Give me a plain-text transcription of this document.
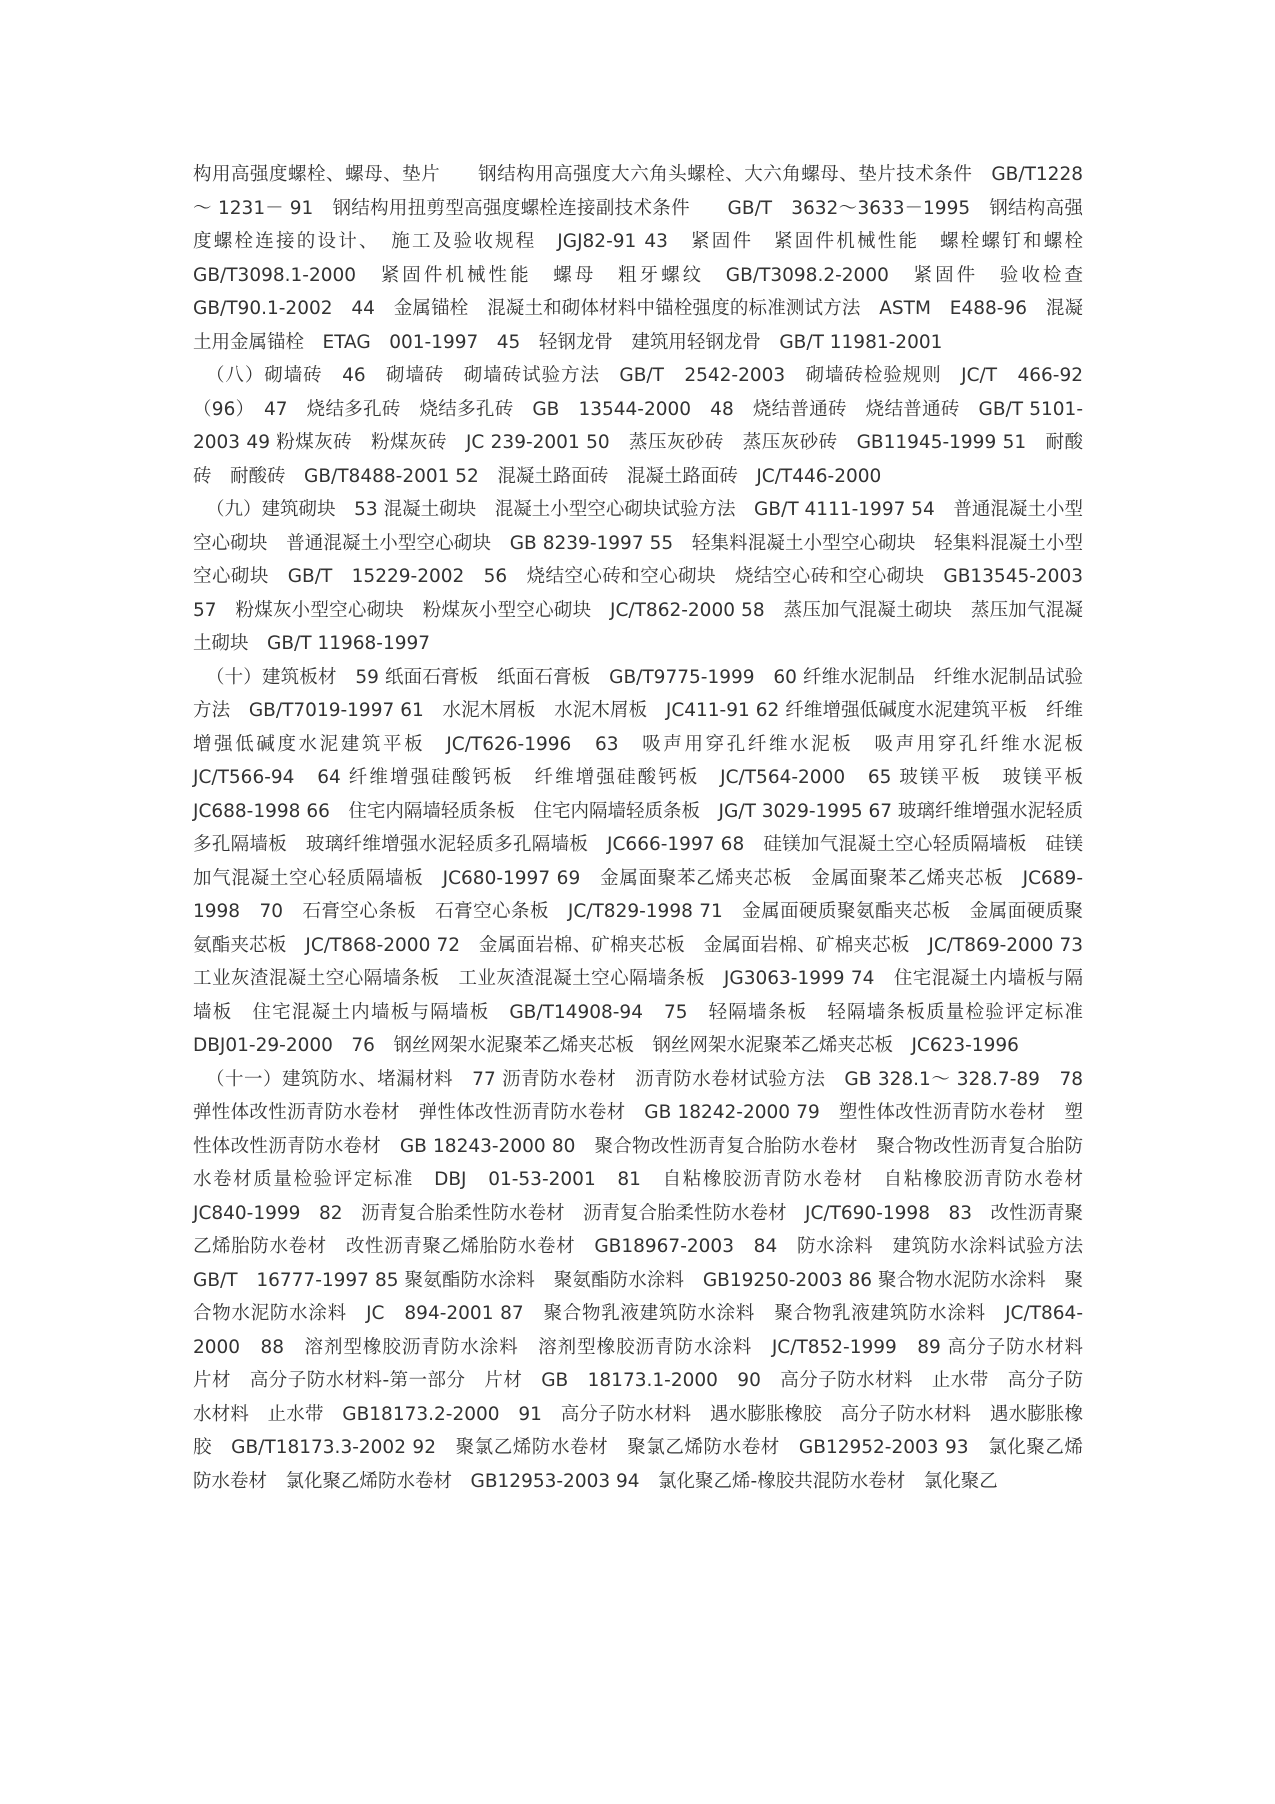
构用高强度螺栓、螺母、垫片　　钢结构用高强度大六角头螺栓、大六角螺母、垫片技术条件　GB/T1228 ～ 1231－ 91　钢结构用扭剪型高强度螺栓连接副技术条件　　GB/T　3632～3633－1995　钢结构高强度螺栓连接的设计、　施工及验收规程　JGJ82-91 43　紧固件　紧固件机械性能　螺栓螺钉和螺栓　GB/T3098.1-2000　紧固件机械性能　螺母　粗牙螺纹　GB/T3098.2-2000　紧固件　验收检查　GB/T90.1-2002　44　金属锚栓　混凝土和砌体材料中锚栓强度的标准测试方法　ASTM　E488-96　混凝土用金属锚栓　ETAG　001-1997　45　轻钢龙骨　建筑用轻钢龙骨　GB/T 11981-2001

（八）砌墙砖　46　砌墙砖　砌墙砖试验方法　GB/T　2542-2003　砌墙砖检验规则　JC/T　466-92（96）　47　烧结多孔砖　烧结多孔砖　GB　13544-2000　48　烧结普通砖　烧结普通砖　GB/T 5101-2003 49 粉煤灰砖　粉煤灰砖　JC 239-2001 50　蒸压灰砂砖　蒸压灰砂砖　GB11945-1999 51　耐酸砖　耐酸砖　GB/T8488-2001 52　混凝土路面砖　混凝土路面砖　JC/T446-2000

（九）建筑砌块　53 混凝土砌块　混凝土小型空心砌块试验方法　GB/T 4111-1997 54　普通混凝土小型空心砌块　普通混凝土小型空心砌块　GB 8239-1997 55　轻集料混凝土小型空心砌块　轻集料混凝土小型空心砌块　GB/T　15229-2002　56　烧结空心砖和空心砌块　烧结空心砖和空心砌块　GB13545-2003 57　粉煤灰小型空心砌块　粉煤灰小型空心砌块　JC/T862-2000 58　蒸压加气混凝土砌块　蒸压加气混凝土砌块　GB/T 11968-1997

（十）建筑板材　59 纸面石膏板　纸面石膏板　GB/T9775-1999　60 纤维水泥制品　纤维水泥制品试验方法　GB/T7019-1997 61　水泥木屑板　水泥木屑板　JC411-91 62 纤维增强低碱度水泥建筑平板　纤维增强低碱度水泥建筑平板　JC/T626-1996　63　吸声用穿孔纤维水泥板　吸声用穿孔纤维水泥板　JC/T566-94　64 纤维增强硅酸钙板　纤维增强硅酸钙板　JC/T564-2000　65 玻镁平板　玻镁平板　JC688-1998 66　住宅内隔墙轻质条板　住宅内隔墙轻质条板　JG/T 3029-1995 67 玻璃纤维增强水泥轻质多孔隔墙板　玻璃纤维增强水泥轻质多孔隔墙板　JC666-1997 68　硅镁加气混凝土空心轻质隔墙板　硅镁加气混凝土空心轻质隔墙板　JC680-1997 69　金属面聚苯乙烯夹芯板　金属面聚苯乙烯夹芯板　JC689-1998　70　石膏空心条板　石膏空心条板　JC/T829-1998 71　金属面硬质聚氨酯夹芯板　金属面硬质聚氨酯夹芯板　JC/T868-2000 72　金属面岩棉、矿棉夹芯板　金属面岩棉、矿棉夹芯板　JC/T869-2000 73　工业灰渣混凝土空心隔墙条板　工业灰渣混凝土空心隔墙条板　JG3063-1999 74　住宅混凝土内墙板与隔墙板　住宅混凝土内墙板与隔墙板　GB/T14908-94　75　轻隔墙条板　轻隔墙条板质量检验评定标准　DBJ01-29-2000　76　钢丝网架水泥聚苯乙烯夹芯板　钢丝网架水泥聚苯乙烯夹芯板　JC623-1996

（十一）建筑防水、堵漏材料　77 沥青防水卷材　沥青防水卷材试验方法　GB 328.1～ 328.7-89　78　弹性体改性沥青防水卷材　弹性体改性沥青防水卷材　GB 18242-2000 79　塑性体改性沥青防水卷材　塑性体改性沥青防水卷材　GB 18243-2000 80　聚合物改性沥青复合胎防水卷材　聚合物改性沥青复合胎防水卷材质量检验评定标准　DBJ　01-53-2001　81　自粘橡胶沥青防水卷材　自粘橡胶沥青防水卷材　JC840-1999　82　沥青复合胎柔性防水卷材　沥青复合胎柔性防水卷材　JC/T690-1998　83　改性沥青聚乙烯胎防水卷材　改性沥青聚乙烯胎防水卷材　GB18967-2003　84　防水涂料　建筑防水涂料试验方法　GB/T　16777-1997 85 聚氨酯防水涂料　聚氨酯防水涂料　GB19250-2003 86 聚合物水泥防水涂料　聚合物水泥防水涂料　JC　894-2001 87　聚合物乳液建筑防水涂料　聚合物乳液建筑防水涂料　JC/T864-2000　88　溶剂型橡胶沥青防水涂料　溶剂型橡胶沥青防水涂料　JC/T852-1999　89 高分子防水材料　片材　高分子防水材料-第一部分　片材　GB　18173.1-2000　90　高分子防水材料　止水带　高分子防水材料　止水带　GB18173.2-2000　91　高分子防水材料　遇水膨胀橡胶　高分子防水材料　遇水膨胀橡胶　GB/T18173.3-2002 92　聚氯乙烯防水卷材　聚氯乙烯防水卷材　GB12952-2003 93　氯化聚乙烯防水卷材　氯化聚乙烯防水卷材　GB12953-2003 94　氯化聚乙烯-橡胶共混防水卷材　氯化聚乙
